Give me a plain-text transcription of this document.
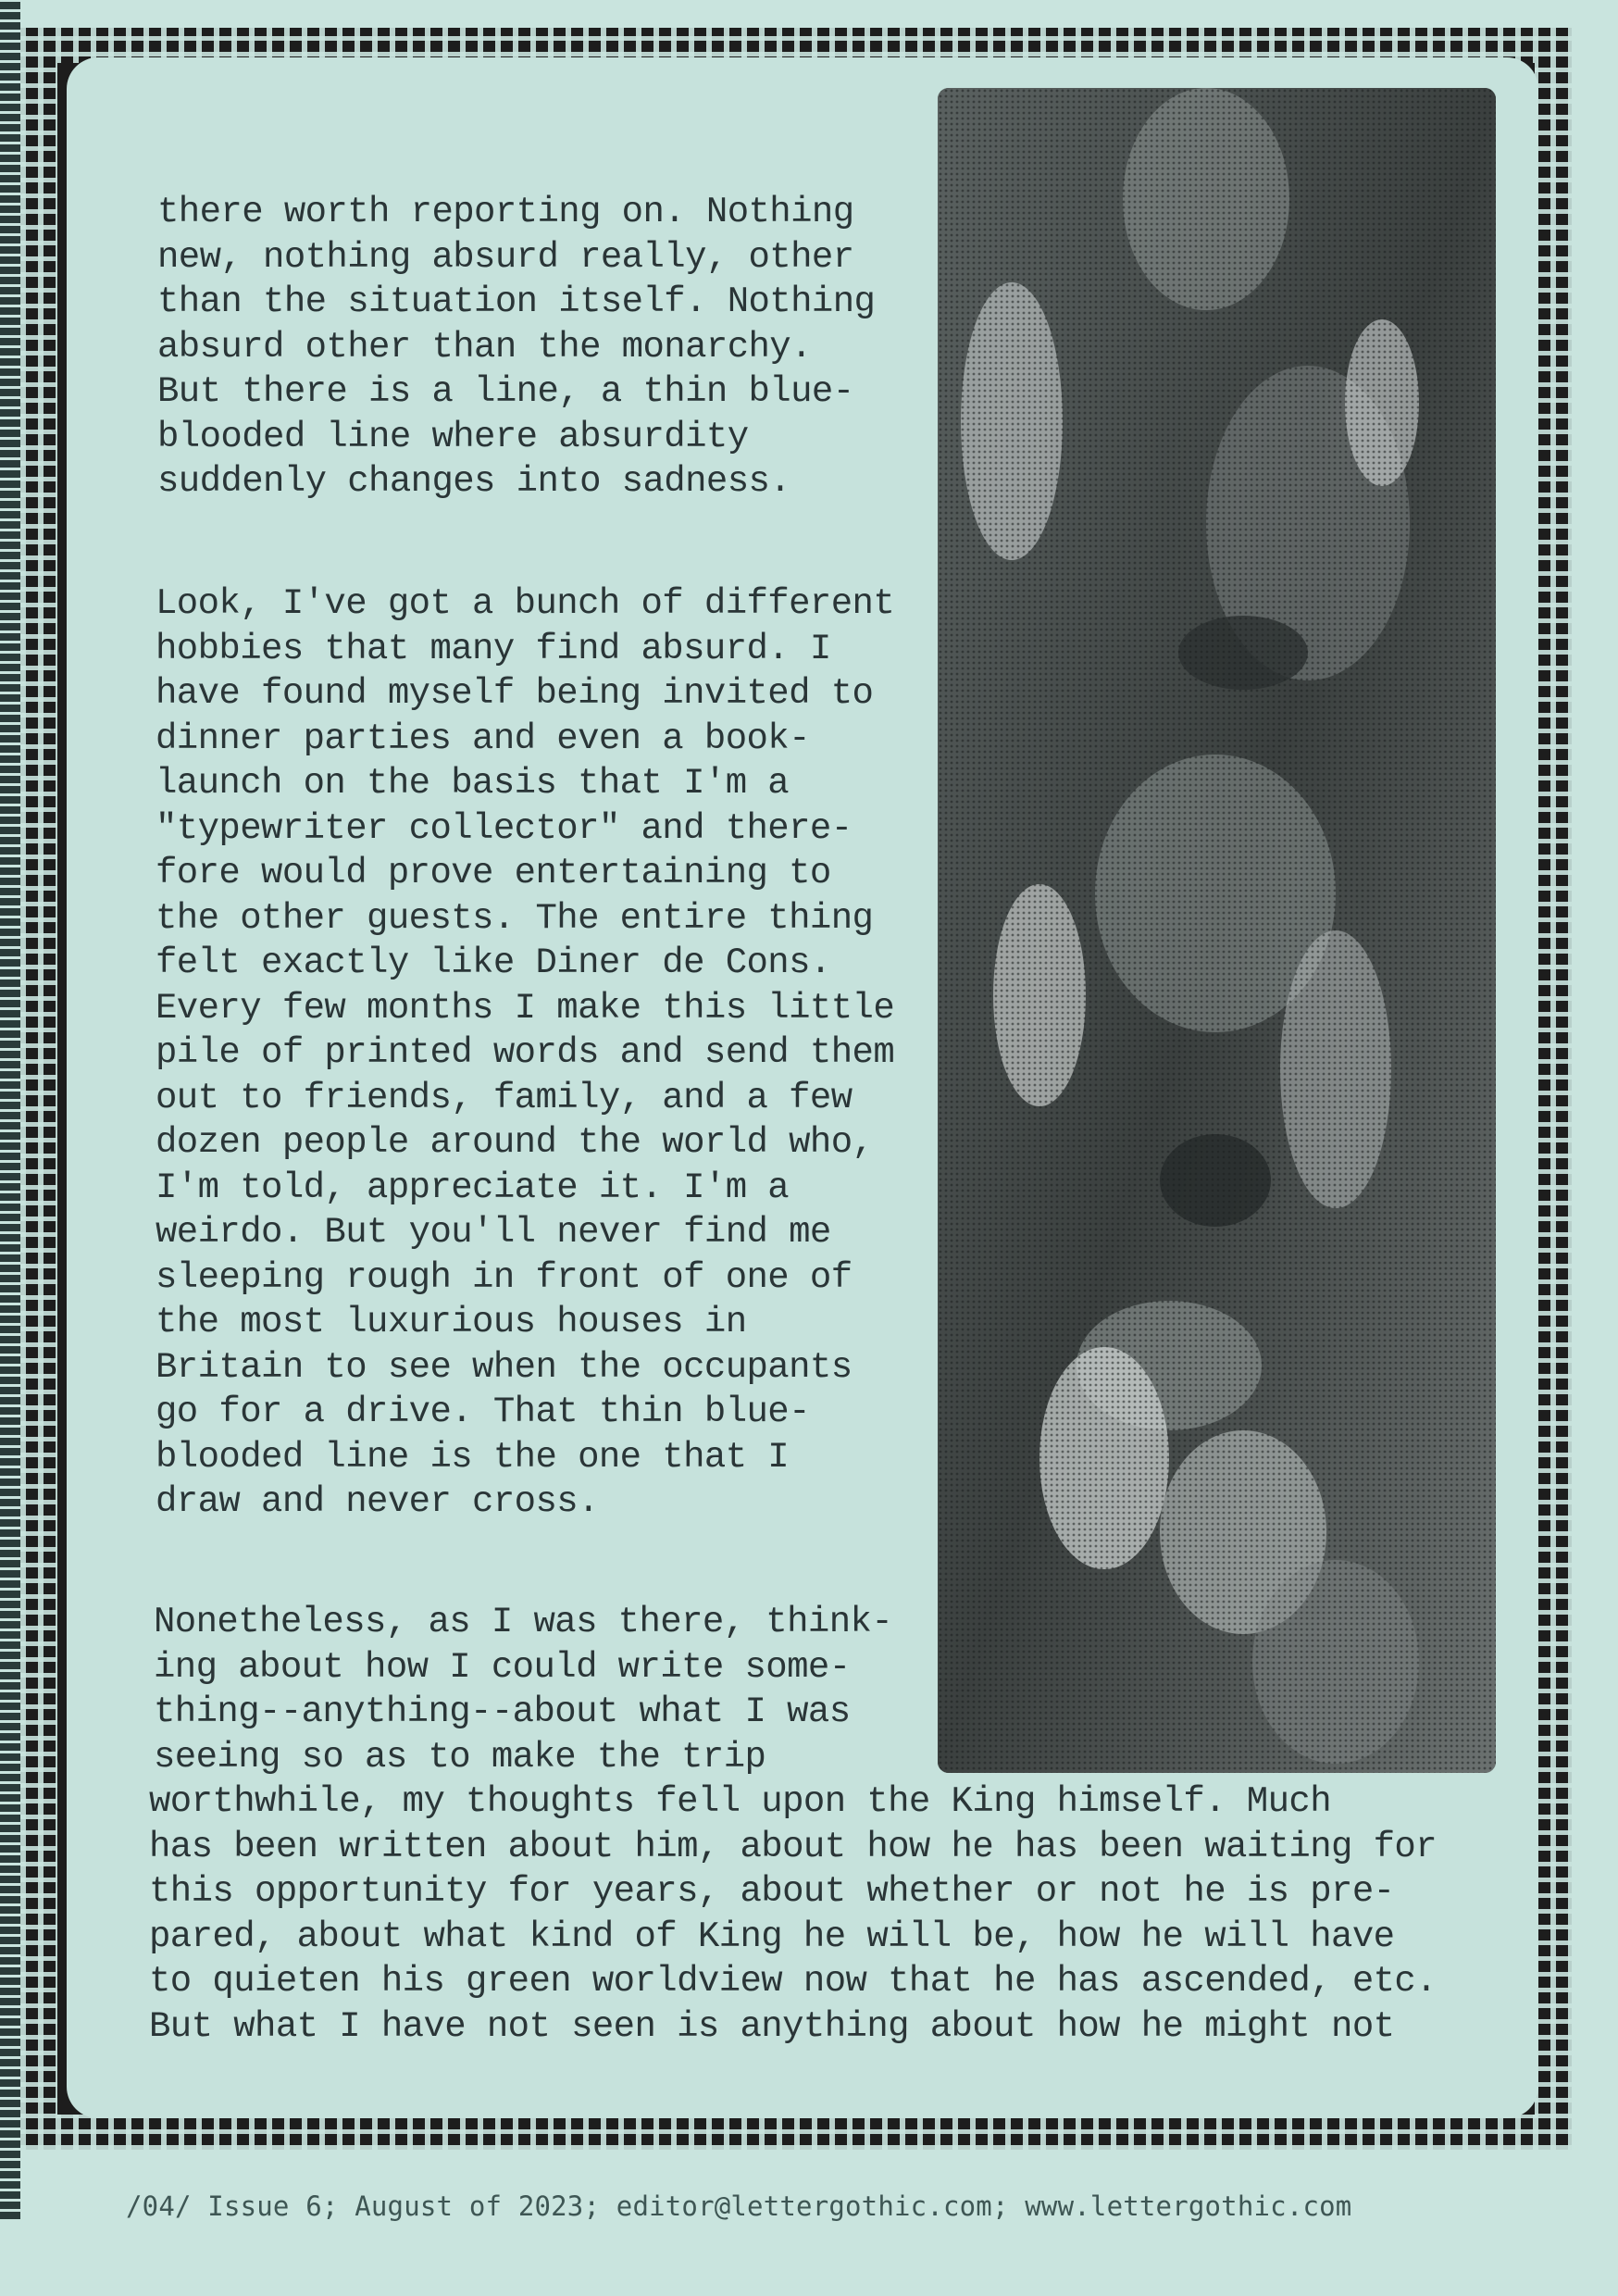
there worth reporting on. Nothing
new, nothing absurd really, other
than the situation itself. Nothing
absurd other than the monarchy.
But there is a line, a thin blue-
blooded line where absurdity
suddenly changes into sadness.
Look, I've got a bunch of different
hobbies that many find absurd. I
have found myself being invited to
dinner parties and even a book-
launch on the basis that I'm a
"typewriter collector" and there-
fore would prove entertaining to
the other guests. The entire thing
felt exactly like Diner de Cons.
Every few months I make this little
pile of printed words and send them
out to friends, family, and a few
dozen people around the world who,
I'm told, appreciate it. I'm a
weirdo. But you'll never find me
sleeping rough in front of one of
the most luxurious houses in
Britain to see when the occupants
go for a drive. That thin blue-
blooded line is the one that I
draw and never cross.
Nonetheless, as I was there, think-
ing about how I could write some-
thing--anything--about what I was
seeing so as to make the trip
worthwhile, my thoughts fell upon the King himself. Much
has been written about him, about how he has been waiting for
this opportunity for years, about whether or not he is pre-
pared, about what kind of King he will be, how he will have
to quieten his green worldview now that he has ascended, etc.
But what I have not seen is anything about how he might not
/04/ Issue 6; August of 2023; editor@lettergothic.com; www.lettergothic.com
